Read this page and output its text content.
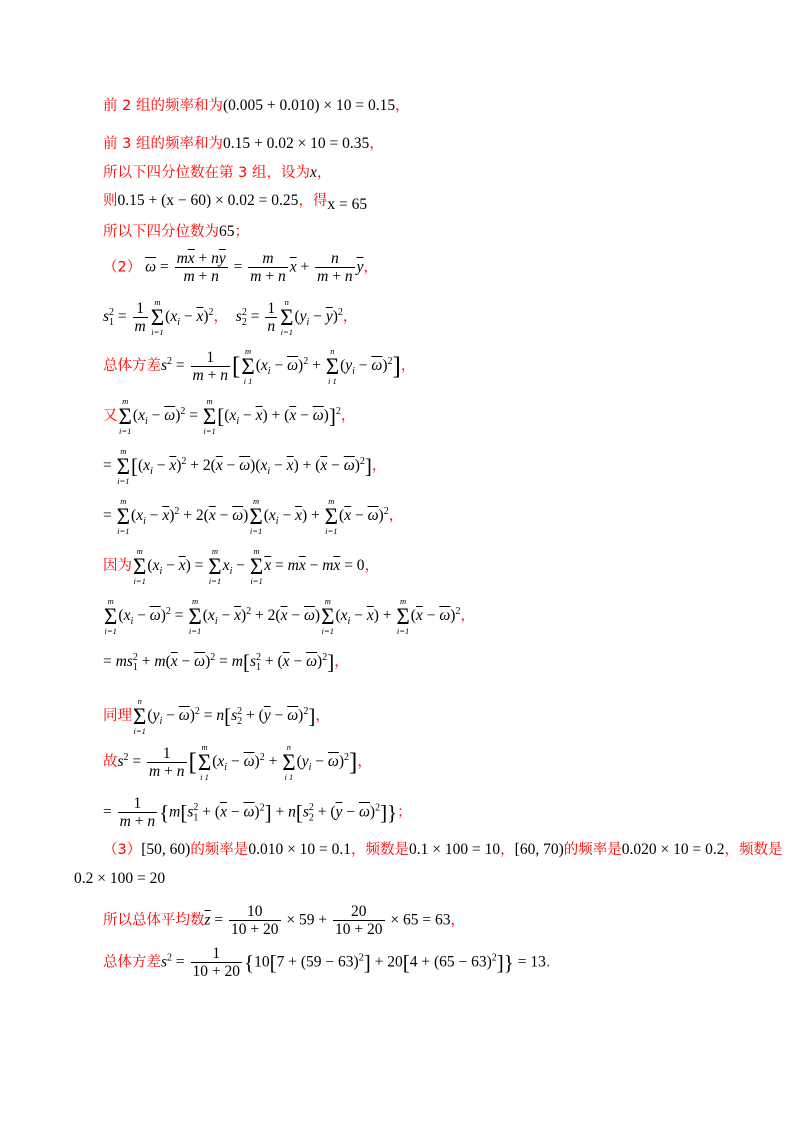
前 2 组的频率和为(0.005 + 0.010) × 10 = 0.15，
前 3 组的频率和为0.15 + 0.02 × 10 = 0.35，
所以下四分位数在第 3 组，设为x，
则0.15 + (x − 60) × 0.02 = 0.25，得x = 65
所以下四分位数为65；
（2） $\overline{\omega} = \frac{m\overline{x} + n\overline{y}}{m + n} = \frac{m}{m + n} \overline{x} + \frac{n}{m + n} \overline{y}$，
$s_1^2 = \frac{1}{m}$ m
Σ
i=1
$(x_i - \overline{x})^2$， $s_2^2 = \frac{1}{n}$ n
Σ
i=1
$(y_i - \overline{y})^2$，
总体方差$s^2 = \frac{1}{m + n}$ [
m
Σ
i 1
$(x_i - \overline{\omega})^2$ +
n
Σ
i 1
$(y_i - \overline{\omega})^2$]，
又
m
Σ
i=1
$(x_i - \overline{\omega})^2$ =
m
Σ
i=1
$[(x_i - \overline{x}) + (\overline{x} - \overline{\omega})]^2$，
=
m
Σ
i=1
$[(x_i - \overline{x})^2 + 2(\overline{x} - \overline{\omega})(x_i - \overline{x}) + (\overline{x} - \overline{\omega})^2]$，
=
m
Σ
i=1
$(x_i - \overline{x})^2 + 2(\overline{x} - \overline{\omega})$
m
Σ
i=1
$(x_i - \overline{x})$ +
m
Σ
i=1
$(\overline{x} - \overline{\omega})^2$，
因为
m
Σ
i=1
$(x_i - \overline{x})$ =
m
Σ
i=1
$x_i$ −
m
Σ
i=1
$\overline{x} = m\overline{x} - m\overline{x} = 0$，
m
Σ
i=1
$(x_i - \overline{\omega})^2$ =
m
Σ
i=1
$(x_i - \overline{x})^2 + 2(\overline{x} - \overline{\omega})$
m
Σ
i=1
$(x_i - \overline{x})$ +
m
Σ
i=1
$(\overline{x} - \overline{\omega})^2$，
= $ms_1^2 + m(\overline{x} - \overline{\omega})^2 = m[s_1^2 + (\overline{x} - \overline{\omega})^2]$，
同理
n
Σ
i=1
$(y_i - \overline{\omega})^2 = n[s_2^2 + (\overline{y} - \overline{\omega})^2]$，
故$s^2 = \frac{1}{m + n}$ [
m
Σ
i 1
$(x_i - \overline{\omega})^2$ +
n
Σ
i 1
$(y_i - \overline{\omega})^2$]，
= $\frac{1}{m + n} \{m[s_1^2 + (\overline{x} - \overline{\omega})^2] + n[s_2^2 + (\overline{y} - \overline{\omega})^2]\}$；
（3）[50, 60)的频率是0.010 × 10 = 0.1，频数是0.1 × 100 = 10，[60, 70)的频率是0.020 × 10 = 0.2，频数是
0.2 × 100 = 20
所以总体平均数$\overline{z} = \frac{10}{10 + 20} \times 59 + \frac{20}{10 + 20} \times 65 = 63$，
总体方差$s^2 = \frac{1}{10 + 20} \{10[7 + (59 - 63)^2] + 20[4 + (65 - 63)^2]\} = 13$.
